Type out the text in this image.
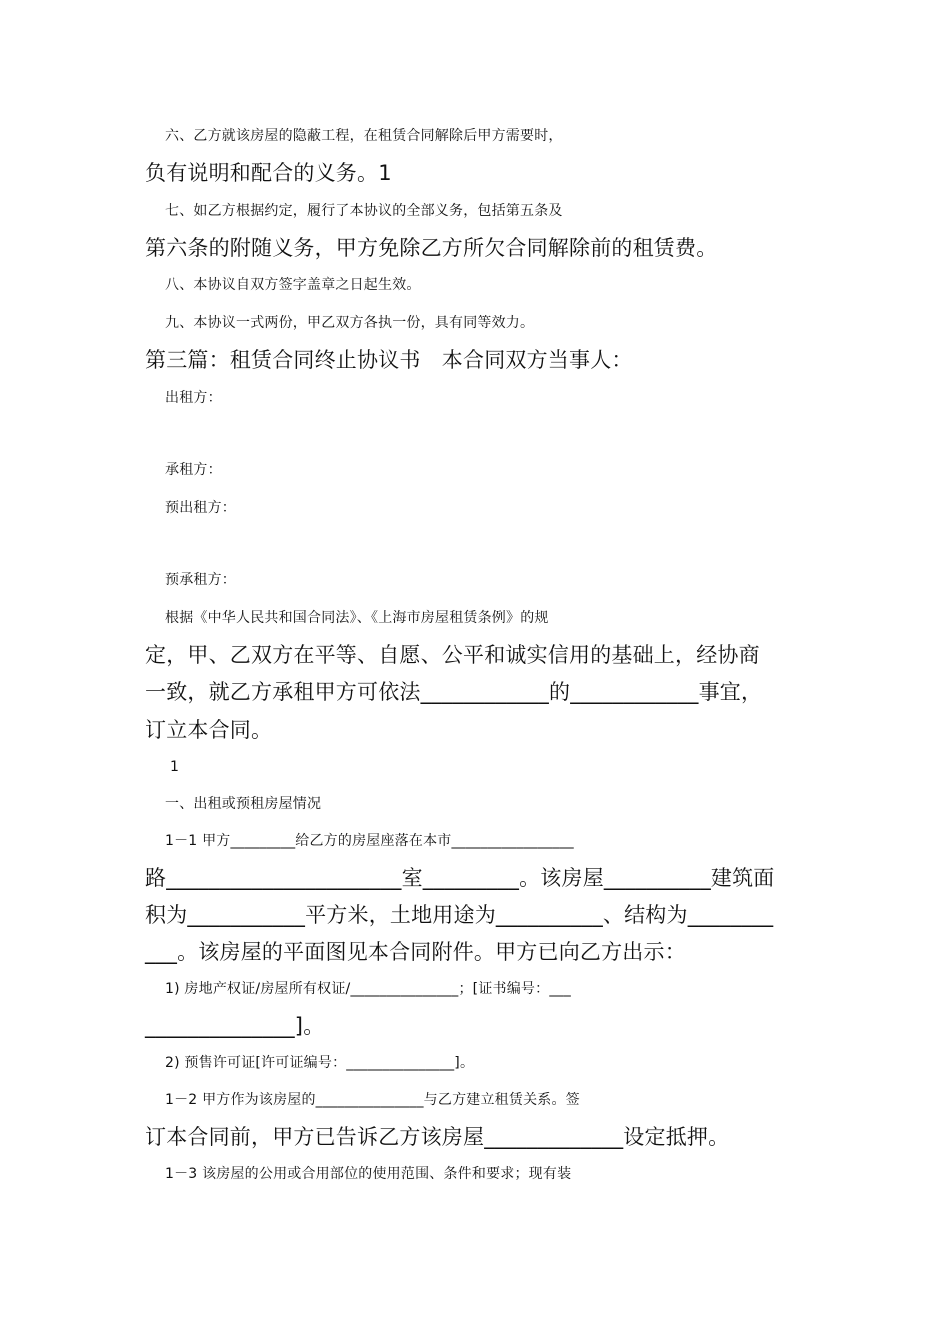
六、乙方就该房屋的隐蔽工程，在租赁合同解除后甲方需要时，
负有说明和配合的义务。1
七、如乙方根据约定，履行了本协议的全部义务，包括第五条及
第六条的附随义务，甲方免除乙方所欠合同解除前的租赁费。
八、本协议自双方签字盖章之日起生效。
九、本协议一式两份，甲乙双方各执一份，具有同等效力。
第三篇：租赁合同终止协议书　本合同双方当事人：
出租方：
承租方：
预出租方：
预承租方：
根据《中华人民共和国合同法》、《上海市房屋租赁条例》的规
定，甲、乙双方在平等、自愿、公平和诚实信用的基础上，经协商
一致，就乙方承租甲方可依法____________的____________事宜，
订立本合同。
1
一、出租或预租房屋情况
1－1 甲方_________给乙方的房屋座落在本市_________________
路______________________室_________。该房屋__________建筑面
积为___________平方米，土地用途为__________、结构为________
___。该房屋的平面图见本合同附件。甲方已向乙方出示：
1) 房地产权证/房屋所有权证/_______________；[证书编号：___
______________]。
2) 预售许可证[许可证编号：_______________]。
1－2 甲方作为该房屋的_______________与乙方建立租赁关系。签
订本合同前，甲方已告诉乙方该房屋_____________设定抵押。
1－3 该房屋的公用或合用部位的使用范围、条件和要求；现有装
